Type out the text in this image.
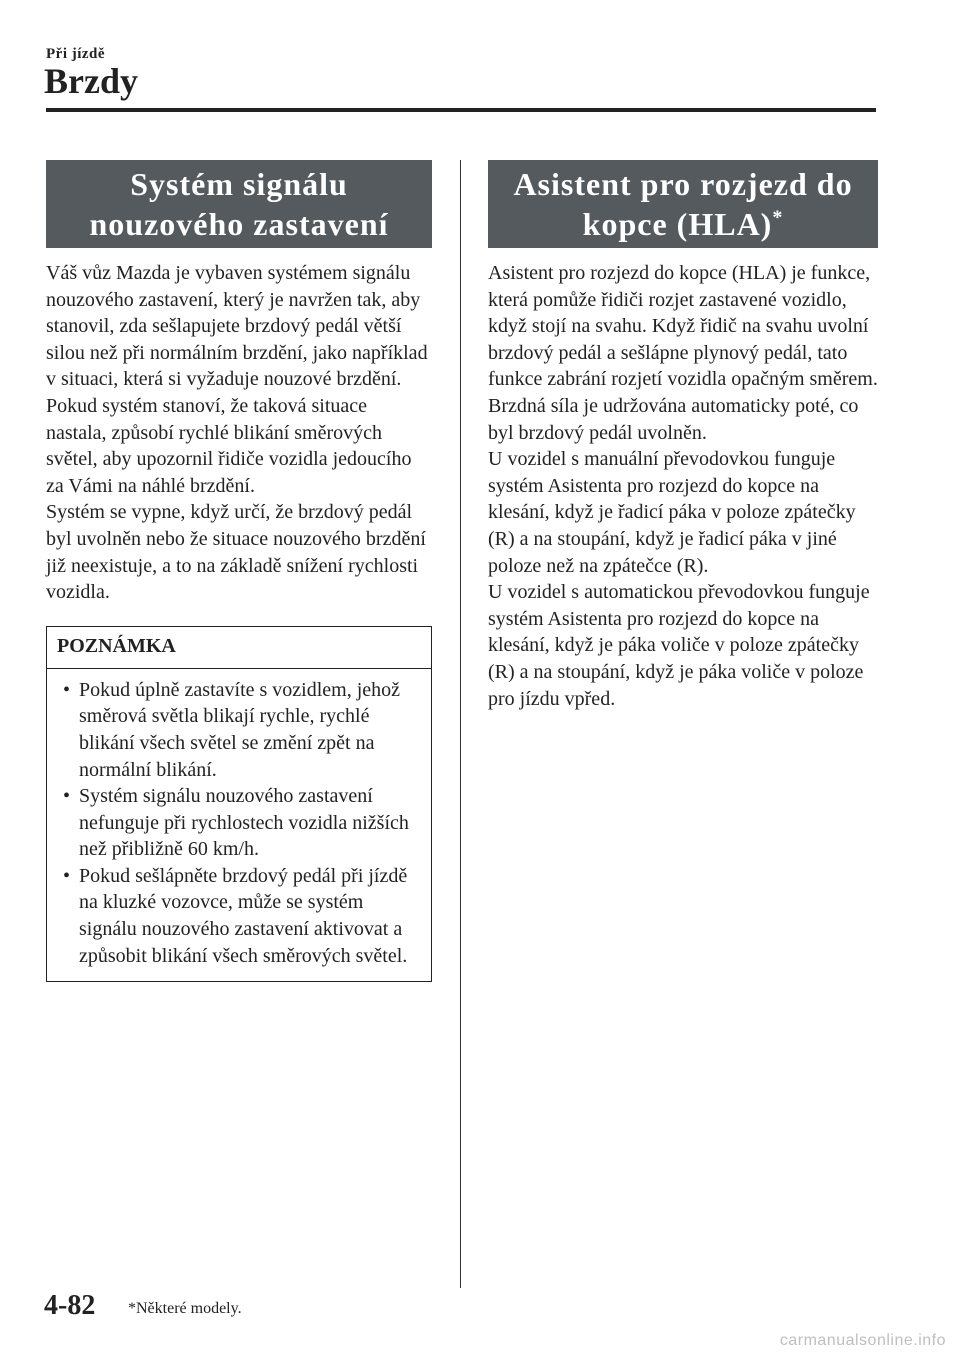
Při jízdě
Brzdy
Systém signálu nouzového zastavení

Váš vůz Mazda je vybaven systémem signálu nouzového zastavení, který je navržen tak, aby stanovil, zda sešlapujete brzdový pedál větší silou než při normálním brzdění, jako například v situaci, která si vyžaduje nouzové brzdění. Pokud systém stanoví, že taková situace nastala, způsobí rychlé blikání směrových světel, aby upozornil řidiče vozidla jedoucího za Vámi na náhlé brzdění.

Systém se vypne, když určí, že brzdový pedál byl uvolněn nebo že situace nouzového brzdění již neexistuje, a to na základě snížení rychlosti vozidla.

POZNÁMKA
• Pokud úplně zastavíte s vozidlem, jehož směrová světla blikají rychle, rychlé blikání všech světel se změní zpět na normální blikání.
• Systém signálu nouzového zastavení nefunguje při rychlostech vozidla nižších než přibližně 60 km/h.
• Pokud sešlápněte brzdový pedál při jízdě na kluzké vozovce, může se systém signálu nouzového zastavení aktivovat a způsobit blikání všech směrových světel.
Asistent pro rozjezd do kopce (HLA)*

Asistent pro rozjezd do kopce (HLA) je funkce, která pomůže řidiči rozjet zastavené vozidlo, když stojí na svahu. Když řidič na svahu uvolní brzdový pedál a sešlápne plynový pedál, tato funkce zabrání rozjetí vozidla opačným směrem. Brzdná síla je udržována automaticky poté, co byl brzdový pedál uvolněn.

U vozidel s manuální převodovkou funguje systém Asistenta pro rozjezd do kopce na klesání, když je řadicí páka v poloze zpátečky (R) a na stoupání, když je řadicí páka v jiné poloze než na zpátečce (R).

U vozidel s automatickou převodovkou funguje systém Asistenta pro rozjezd do kopce na klesání, když je páka voliče v poloze zpátečky (R) a na stoupání, když je páka voliče v poloze pro jízdu vpřed.

4-82 *Některé modely.
carmanualsonline.info
